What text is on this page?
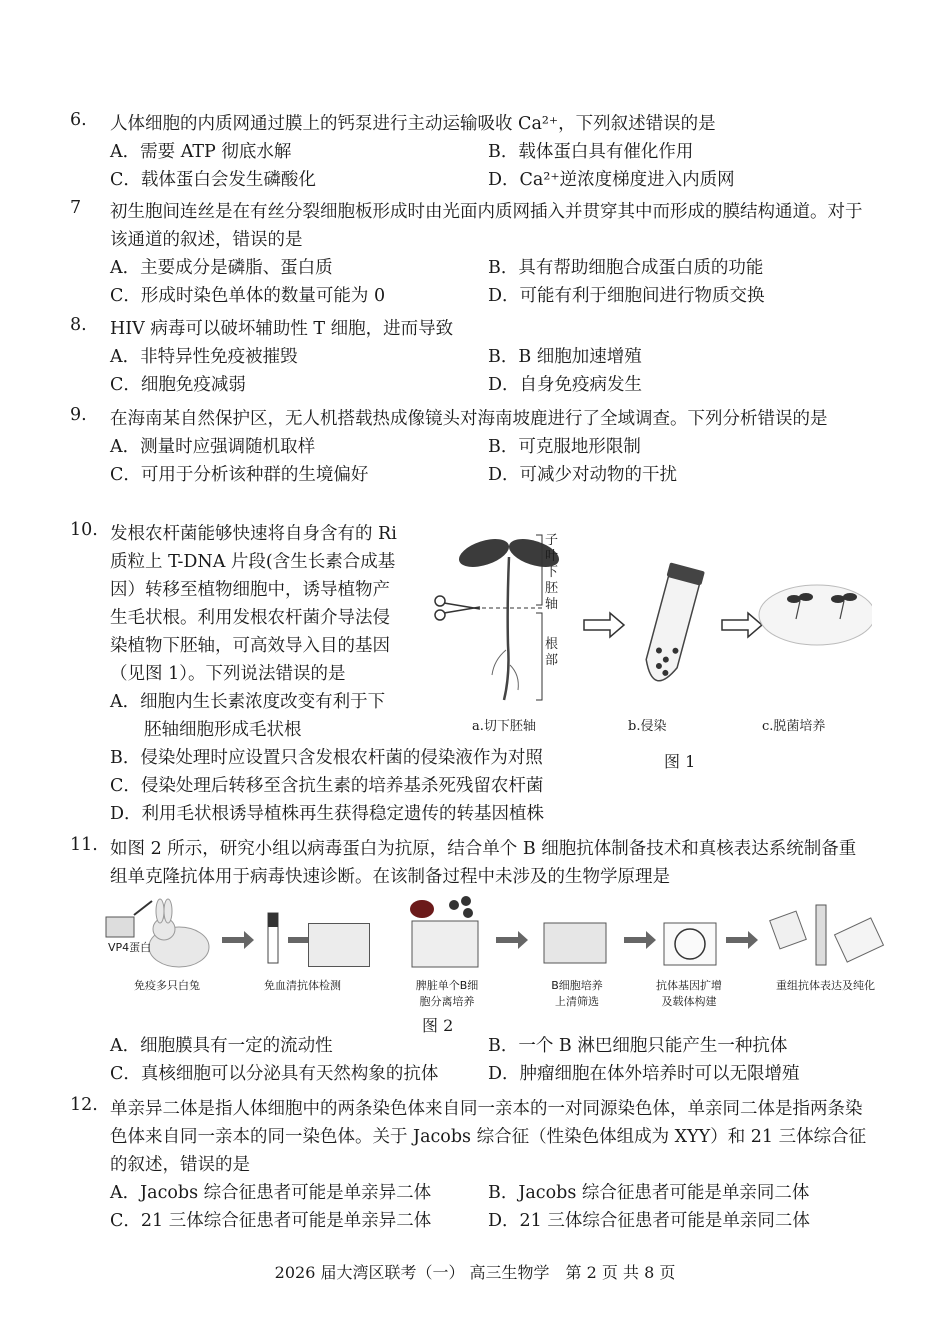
6.	人体细胞的内质网通过膜上的钙泵进行主动运输吸收 Ca²⁺，下列叙述错误的是
A．需要 ATP 彻底水解	B．载体蛋白具有催化作用
C．载体蛋白会发生磷酸化	D．Ca²⁺逆浓度梯度进入内质网
7	初生胞间连丝是在有丝分裂细胞板形成时由光面内质网插入并贯穿其中而形成的膜结构通道。对于该通道的叙述，错误的是
A．主要成分是磷脂、蛋白质	B．具有帮助细胞合成蛋白质的功能
C．形成时染色单体的数量可能为 0	D．可能有利于细胞间进行物质交换
8.	HIV 病毒可以破坏辅助性 T 细胞，进而导致
A．非特异性免疫被摧毁	B．B 细胞加速增殖
C．细胞免疫减弱	D．自身免疫病发生
9.	在海南某自然保护区，无人机搭载热成像镜头对海南坡鹿进行了全域调查。下列分析错误的是
A．测量时应强调随机取样	B．可克服地形限制
C．可用于分析该种群的生境偏好	D．可减少对动物的干扰
10. 发根农杆菌能够快速将自身含有的 Ri
质粒上 T-DNA 片段(含生长素合成基
因）转移至植物细胞中，诱导植物产
生毛状根。利用发根农杆菌介导法侵
染植物下胚轴，可高效导入目的基因
（见图 1）。下列说法错误的是
A．细胞内生长素浓度改变有利于下
胚轴细胞形成毛状根
B．侵染处理时应设置只含发根农杆菌的侵染液作为对照
C．侵染处理后转移至含抗生素的培养基杀死残留农杆菌
D．利用毛状根诱导植株再生获得稳定遗传的转基因植株
子
叶
下
胚
轴
根
部
a.切下胚轴	b.侵染	c.脱菌培养
图 1
11. 如图 2 所示，研究小组以病毒蛋白为抗原，结合单个 B 细胞抗体制备技术和真核表达系统制备重组单克隆抗体用于病毒快速诊断。在该制备过程中未涉及的生物学原理是
VP4蛋白
免疫多只白兔	免血清抗体检测	脾脏单个B细
胞分离培养
B细胞培养
上清筛选
抗体基因扩增
及载体构建
重组抗体表达及纯化
图 2
A．细胞膜具有一定的流动性	B．一个 B 淋巴细胞只能产生一种抗体
C．真核细胞可以分泌具有天然构象的抗体	D．肿瘤细胞在体外培养时可以无限增殖
12. 单亲异二体是指人体细胞中的两条染色体来自同一亲本的一对同源染色体，单亲同二体是指两条染色体来自同一亲本的同一染色体。关于 Jacobs 综合征（性染色体组成为 XYY）和 21 三体综合征的叙述，错误的是
A．Jacobs 综合征患者可能是单亲异二体	B．Jacobs 综合征患者可能是单亲同二体
C．21 三体综合征患者可能是单亲异二体	D．21 三体综合征患者可能是单亲同二体
2026 届大湾区联考（一） 高三生物学　第 2 页 共 8 页
